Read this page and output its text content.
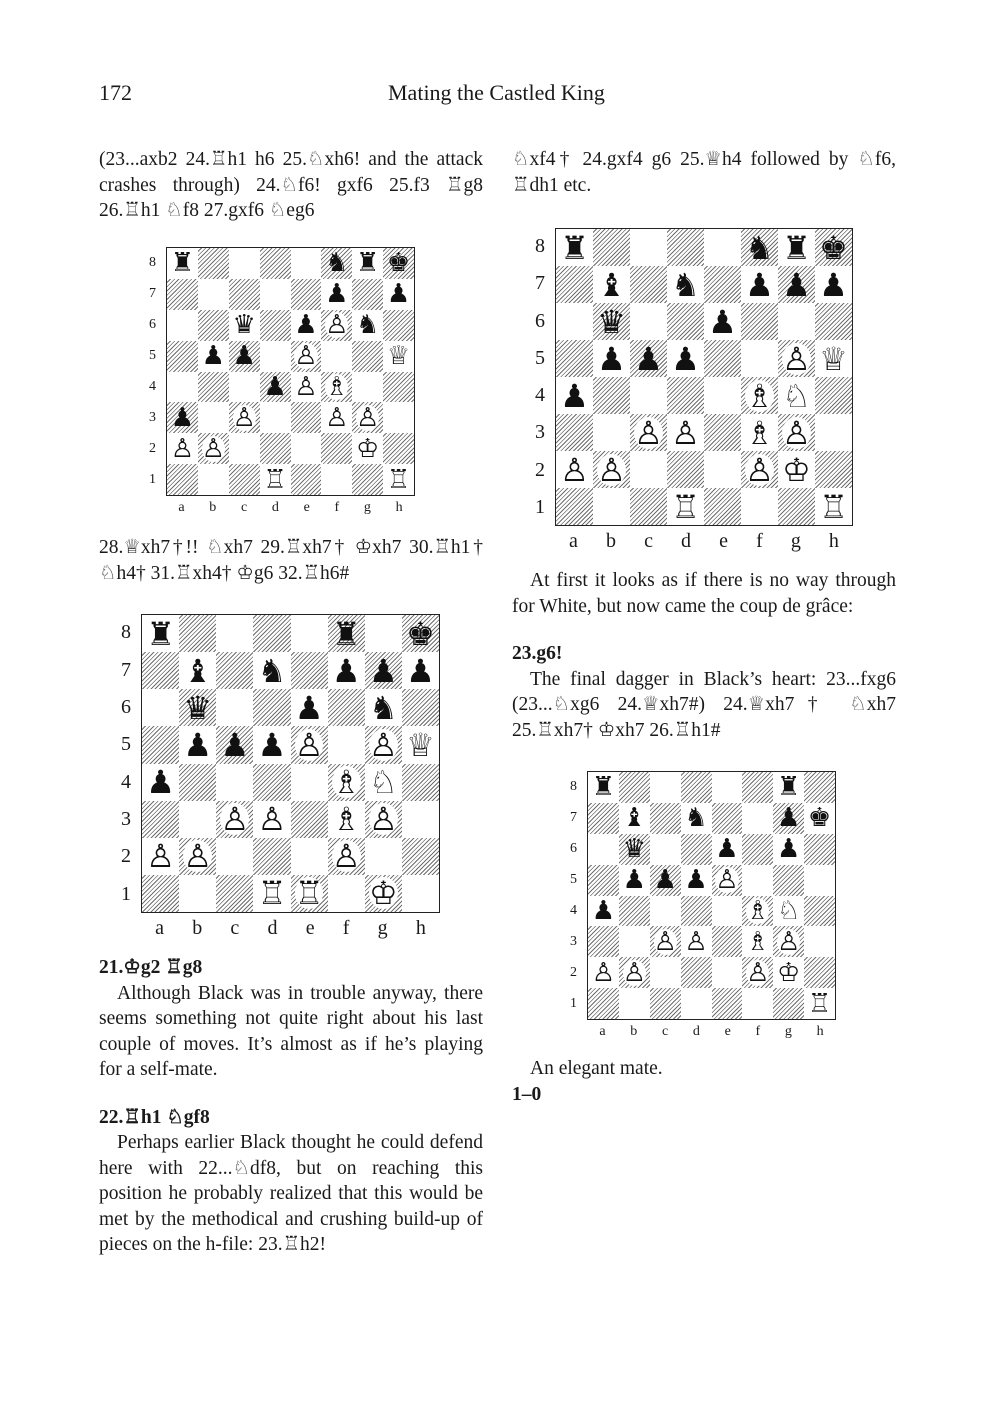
172	Mating the Castled King

(23...axb2 24.♖h1 h6 25.♘xh6! and the attack crashes through) 24.♘f6! gxf6 25.f3 ♖g8 26.♖h1 ♘f8 27.gxf6 ♘eg6

♜	♞ ♜ ♚
♟ ♟
♛ ♟ ♙ ♞
♟ ♟ ♙	♕
♟ ♙ ♗
♟ ♙	♙ ♙
♙ ♙	♔
♖	♖
8
7
6
5
4
3
2
1
a b c d e f g h

28.♕xh7†!! ♘xh7 29.♖xh7† ♔xh7 30.♖h1† ♘h4† 31.♖xh4† ♔g6 32.♖h6#

♜	♜ ♚
♝ ♞ ♟ ♟ ♟
♛	♟ ♞
♟ ♟ ♟ ♙ ♙ ♕
♟	♗ ♘
♙ ♙ ♗ ♙
♙ ♙	♙
♖ ♖ ♔
8
7
6
5
4
3
2
1
a b c d e f g h

21.♔g2 ♖g8

Although Black was in trouble anyway, there seems something not quite right about his last couple of moves. It’s almost as if he’s playing for a self-mate.

22.♖h1 ♘gf8

Perhaps earlier Black thought he could defend here with 22...♘df8, but on reaching this position he probably realized that this would be met by the methodical and crushing build-up of pieces on the h-file: 23.♖h2!

♘xf4† 24.gxf4 g6 25.♕h4 followed by ♘f6, ♖dh1 etc.

♜	♞ ♜ ♚
♝ ♞ ♟ ♟ ♟
♛	♟
♟ ♟ ♟	♙ ♕
♟	♗ ♘
♙ ♙ ♗ ♙
♙ ♙	♙ ♔
♖	♖
8
7
6
5
4
3
2
1
a b c d e f g h

At first it looks as if there is no way through for White, but now came the coup de grâce:

23.g6!

The final dagger in Black’s heart: 23...fxg6 (23...♘xg6 24.♕xh7#) 24.♕xh7† ♘xh7 25.♖xh7† ♔xh7 26.♖h1#

♜	♜
♝ ♞	♟ ♚
♛	♟ ♟
♟ ♟ ♟ ♙
♟	♗ ♘
♙ ♙ ♗ ♙
♙ ♙	♙ ♔
♖
8
7
6
5
4
3
2
1
a b c d e f g h

An elegant mate.

1–0
